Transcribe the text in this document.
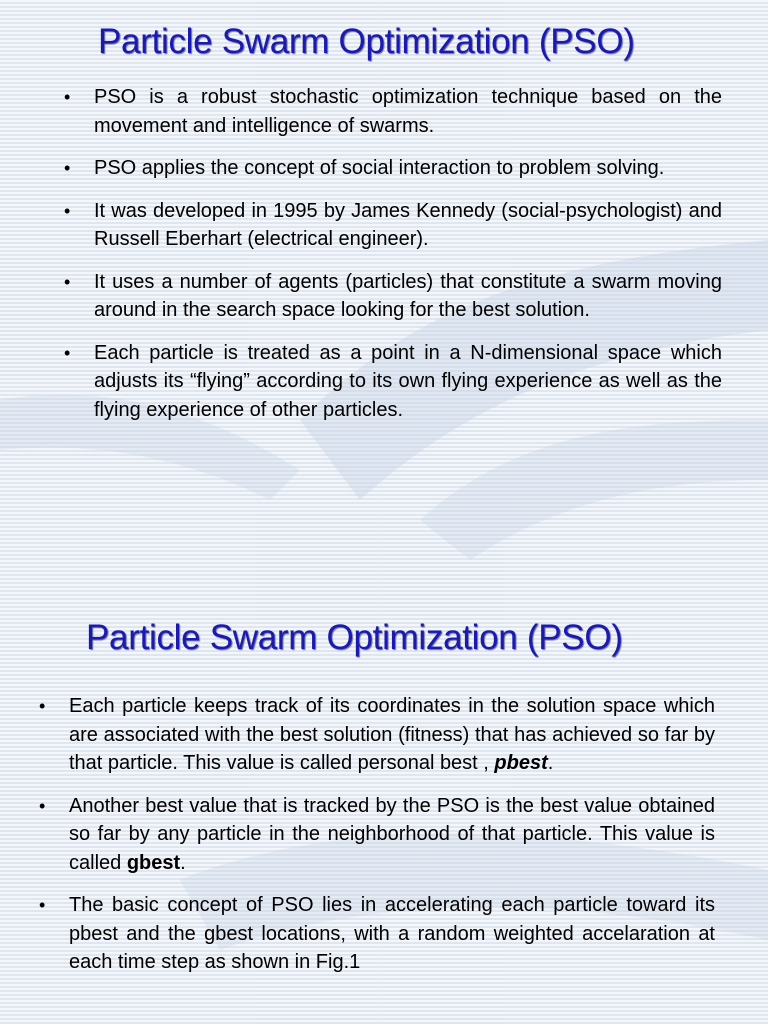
Particle Swarm Optimization (PSO)
• PSO is a robust stochastic optimization technique based on the movement and intelligence of swarms.
• PSO applies the concept of social interaction to problem solving.
• It was developed in 1995 by James Kennedy (social-psychologist) and Russell Eberhart (electrical engineer).
• It uses a number of agents (particles) that constitute a swarm moving around in the search space looking for the best solution.
• Each particle is treated as a point in a N-dimensional space which adjusts its “flying” according to its own flying experience as well as the flying experience of other particles.
Particle Swarm Optimization (PSO)
• Each particle keeps track of its coordinates in the solution space which are associated with the best solution (fitness) that has achieved so far by that particle. This value is called personal best , pbest.
• Another best value that is tracked by the PSO is the best value obtained so far by any particle in the neighborhood of that particle. This value is called gbest.
• The basic concept of PSO lies in accelerating each particle toward its pbest and the gbest locations, with a random weighted accelaration at each time step as shown in Fig.1
